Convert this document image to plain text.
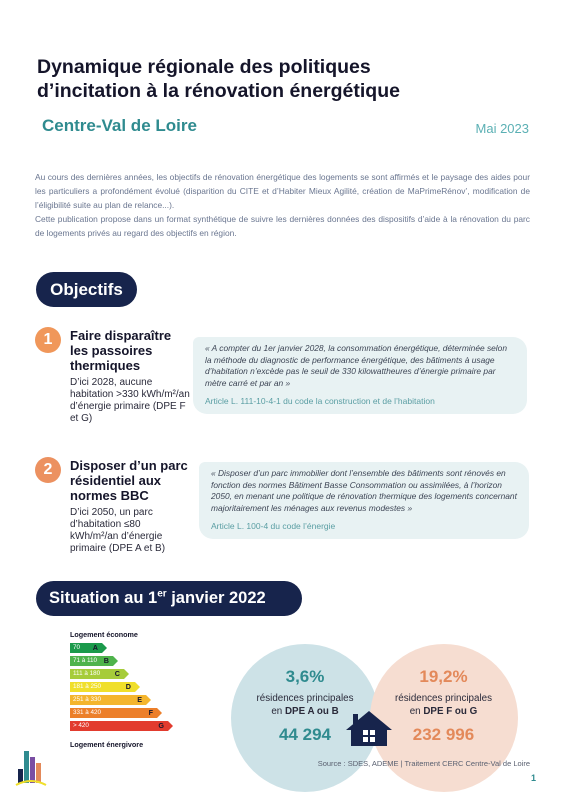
Dynamique régionale des politiques
d’incitation à la rénovation énergétique
Centre-Val de Loire	Mai 2023

Au cours des dernières années, les objectifs de rénovation énergétique des logements se sont affirmés et le paysage des aides pour les particuliers a profondément évolué (disparition du CITE et d’Habiter Mieux Agilité, création de MaPrimeRénov’, modification de l’éligibilité suite au plan de relance...).

Cette publication propose dans un format synthétique de suivre les dernières données des dispositifs d’aide à la rénovation du parc de logements privés au regard des objectifs en région.

Objectifs
1	Faire disparaître les passoires thermiques
D’ici 2028, aucune habitation >330 kWh/m²/an d’énergie primaire (DPE F et G)
« A compter du 1er janvier 2028, la consommation énergétique, déterminée selon la méthode du diagnostic de performance énergétique, des bâtiments à usage d’habitation n’excède pas le seuil de 330 kilowattheures d’énergie primaire par mètre carré et par an »
Article L. 111-10-4-1 du code la construction et de l’habitation
2	Disposer d’un parc résidentiel aux normes BBC
D’ici 2050, un parc d’habitation ≤80 kWh/m²/an d’énergie primaire (DPE A et B)
« Disposer d’un parc immobilier dont l’ensemble des bâtiments sont rénovés en fonction des normes Bâtiment Basse Consommation ou assimilées, à l’horizon 2050, en menant une politique de rénovation thermique des logements concernant majoritairement les ménages aux revenus modestes »
Article L. 100-4 du code l’énergie
Situation au 1er janvier 2022
Logement économe
70 A
71 à 110 B
111 à 180 C
181 à 250	D
251 à 330	E
331 à 420	F
> 420	G
Logement énergivore
3,6%
résidences principales
en DPE A ou B
44 294
19,2%
résidences principales
en DPE F ou G
232 996
Source : SDES, ADEME | Traitement CERC Centre-Val de Loire
1
